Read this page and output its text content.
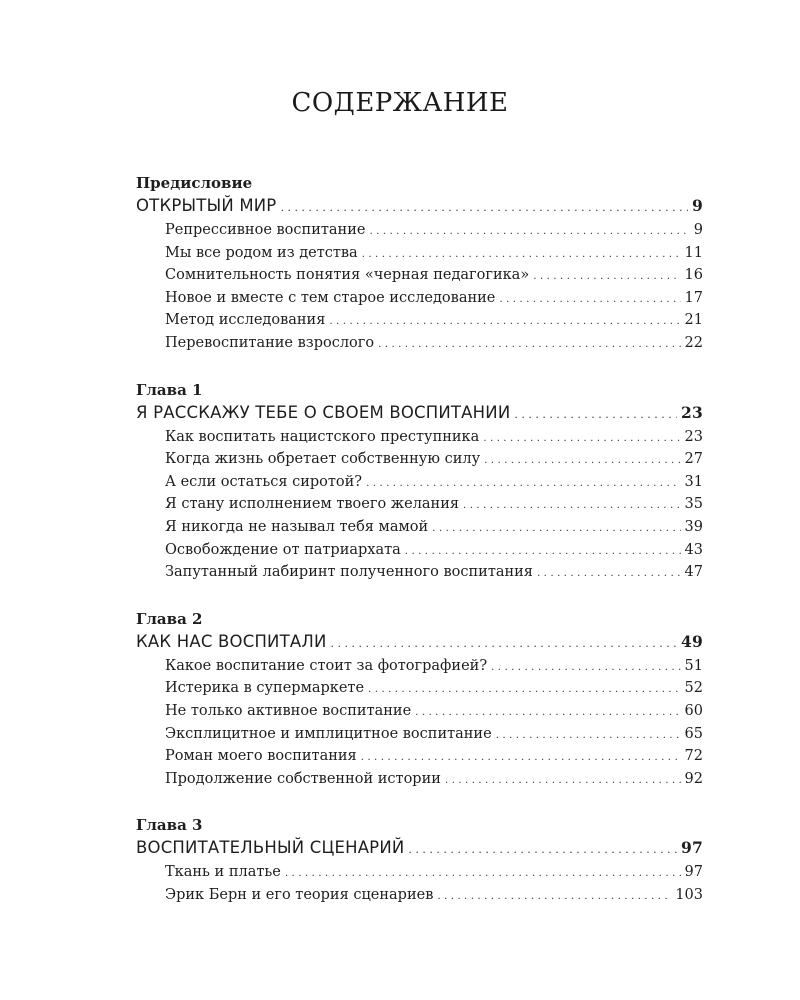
СОДЕРЖАНИЕ
Предисловие
ОТКРЫТЫЙ МИР . . .	9
Репрессивное воспитание . . .	9
Мы все родом из детства . . .	11
Сомнительность понятия «черная педагогика» . . .	16
Новое и вместе с тем старое исследование . . .	17
Метод исследования . . .	21
Перевоспитание взрослого . . .	22
Глава 1
Я РАССКАЖУ ТЕБЕ О СВОЕМ ВОСПИТАНИИ . . .	23
Как воспитать нацистского преступника . . .	23
Когда жизнь обретает собственную силу . . .	27
А если остаться сиротой? . . .	31
Я стану исполнением твоего желания . . .	35
Я никогда не называл тебя мамой . . .	39
Освобождение от патриархата . . .	43
Запутанный лабиринт полученного воспитания . . .	47
Глава 2
КАК НАС ВОСПИТАЛИ . . .	49
Какое воспитание стоит за фотографией? . . .	51
Истерика в супермаркете . . .	52
Не только активное воспитание . . .	60
Эксплицитное и имплицитное воспитание . . .	65
Роман моего воспитания . . .	72
Продолжение собственной истории . . .	92
Глава 3
ВОСПИТАТЕЛЬНЫЙ СЦЕНАРИЙ . . .	97
Ткань и платье . . .	97
Эрик Берн и его теория сценариев . . .	103
